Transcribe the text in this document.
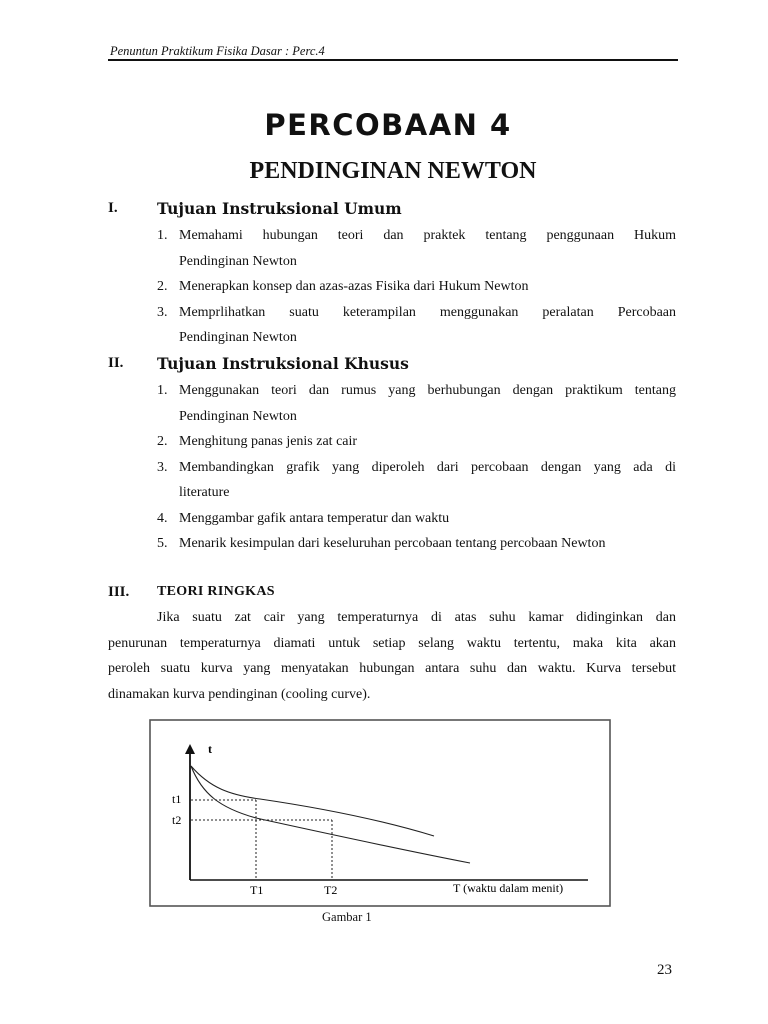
Penuntun Praktikum Fisika Dasar : Perc.4
PERCOBAAN 4
PENDINGINAN NEWTON
I.	Tujuan Instruksional Umum
1. Memahami hubungan teori dan praktek tentang penggunaan Hukum
Pendinginan Newton
2. Menerapkan konsep dan azas-azas Fisika dari Hukum Newton
3. Memprlihatkan suatu keterampilan menggunakan peralatan Percobaan
Pendinginan Newton
II. Tujuan Instruksional Khusus
1. Menggunakan teori dan rumus yang berhubungan dengan praktikum tentang
Pendinginan Newton
2. Menghitung panas jenis zat cair
3. Membandingkan grafik yang diperoleh dari percobaan dengan yang ada di
literature
4. Menggambar gafik antara temperatur dan waktu
5. Menarik kesimpulan dari keseluruhan percobaan tentang percobaan Newton
III. TEORI RINGKAS
Jika suatu zat cair yang temperaturnya di atas suhu kamar didinginkan dan
penurunan temperaturnya diamati untuk setiap selang waktu tertentu, maka kita akan
peroleh suatu kurva yang menyatakan hubungan antara suhu dan waktu. Kurva tersebut
dinamakan kurva pendinginan (cooling curve).
t
t1
t2
T1	T2	T (waktu dalam menit)
Gambar 1
23
